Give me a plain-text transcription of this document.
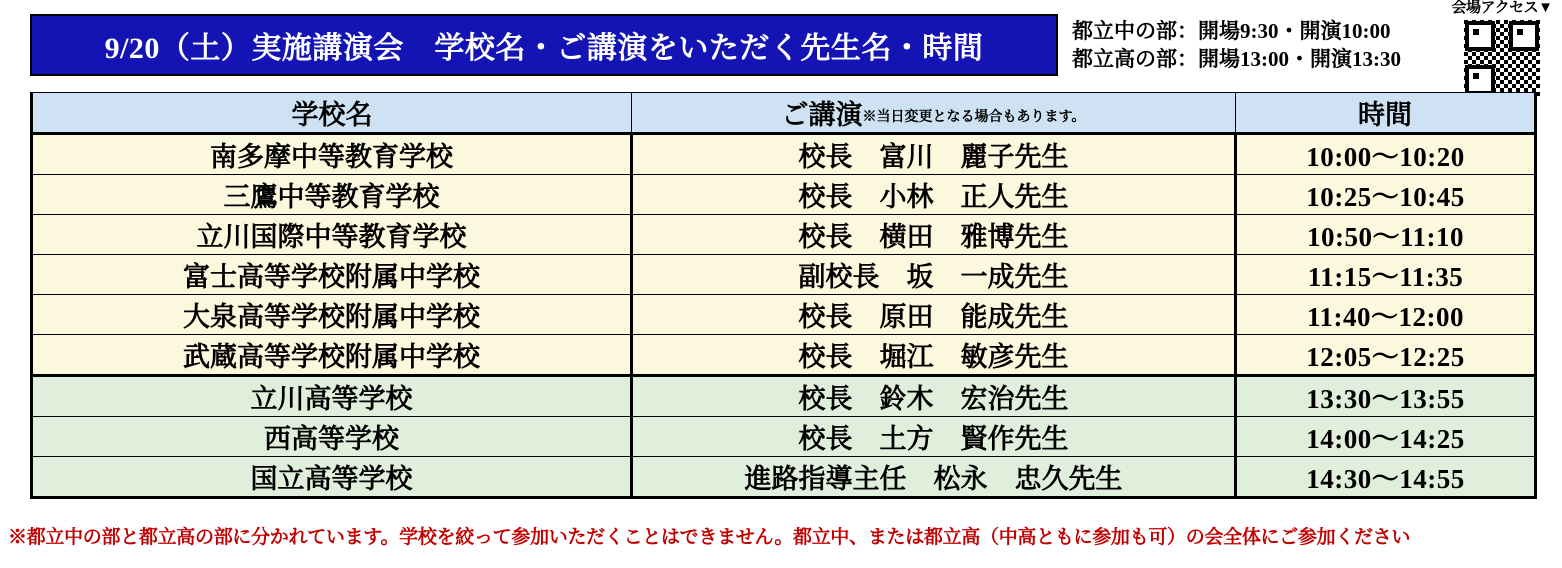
9/20（土）実施講演会　学校名・ご講演をいただく先生名・時間
都立中の部：開場9:30・開演10:00
都立高の部：開場13:00・開演13:30
会場アクセス▼
学校名	ご講演※当日変更となる場合もあります。	時間
南多摩中等教育学校	校長　富川　麗子先生	10:00〜10:20
三鷹中等教育学校	校長　小林　正人先生	10:25〜10:45
立川国際中等教育学校	校長　横田　雅博先生	10:50〜11:10
富士高等学校附属中学校	副校長　坂　一成先生	11:15〜11:35
大泉高等学校附属中学校	校長　原田　能成先生	11:40〜12:00
武蔵高等学校附属中学校	校長　堀江　敏彦先生	12:05〜12:25
立川高等学校	校長　鈴木　宏治先生	13:30〜13:55
西高等学校	校長　土方　賢作先生	14:00〜14:25
国立高等学校	進路指導主任　松永　忠久先生	14:30〜14:55
※都立中の部と都立高の部に分かれています。学校を絞って参加いただくことはできません。都立中、または都立高（中高ともに参加も可）の会全体にご参加ください
